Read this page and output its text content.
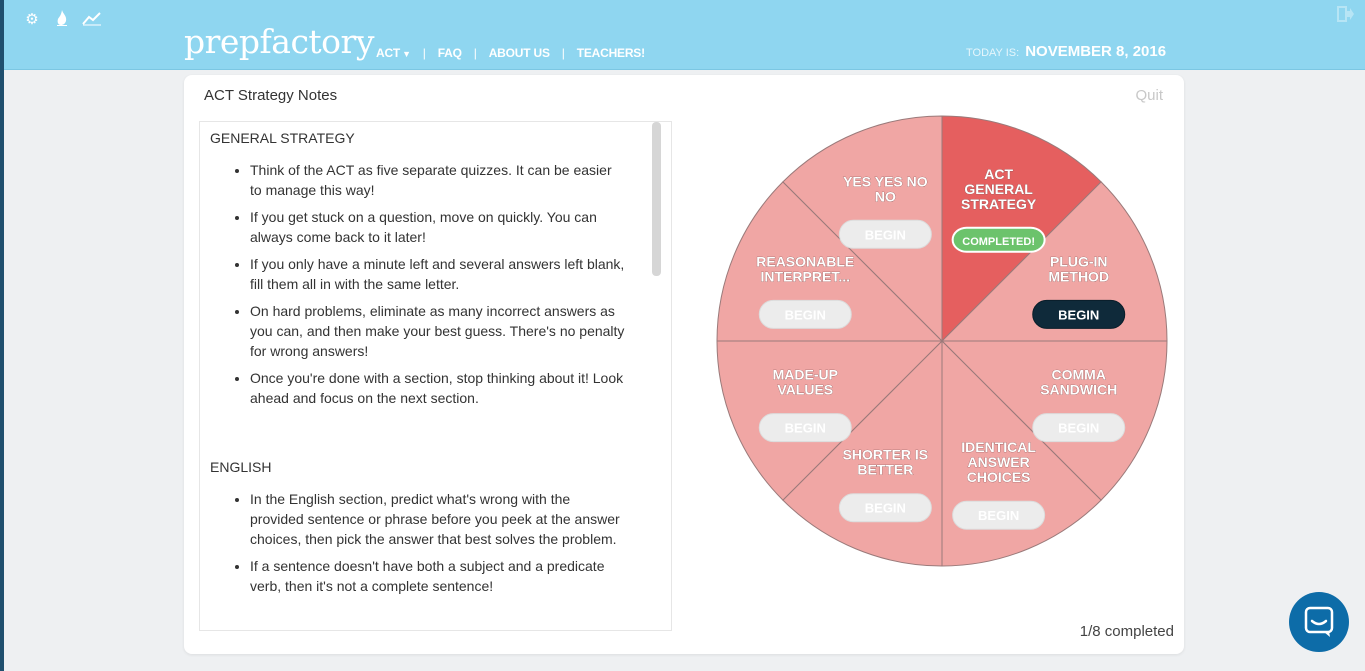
⚙
prepfactory ACT ▼ | FAQ | ABOUT US | TEACHERS!	TODAY IS: NOVEMBER 8, 2016
ACT Strategy Notes	Quit
GENERAL STRATEGY
• Think of the ACT as five separate quizzes. It can be easier to manage this way!
• If you get stuck on a question, move on quickly. You can always come back to it later!
• If you only have a minute left and several answers left blank, fill them all in with the same letter.
• On hard problems, eliminate as many incorrect answers as you can, and then make your best guess. There's no penalty for wrong answers!
• Once you're done with a section, stop thinking about it! Look ahead and focus on the next section.
ENGLISH
• In the English section, predict what's wrong with the provided sentence or phrase before you peek at the answer choices, then pick the answer that best solves the problem.
• If a sentence doesn't have both a subject and a predicate verb, then it's not a complete sentence!
ACT
GENERAL
STRATEGY
COMPLETED!
PLUG-IN
METHOD
BEGIN
COMMA
SANDWICH
BEGIN
IDENTICAL
ANSWER
CHOICES
BEGIN
SHORTER IS
BETTER
BEGIN
MADE-UP
VALUES
BEGIN
REASONABLE
INTERPRET...
BEGIN
YES YES NO
NO
BEGIN
1/8 completed
